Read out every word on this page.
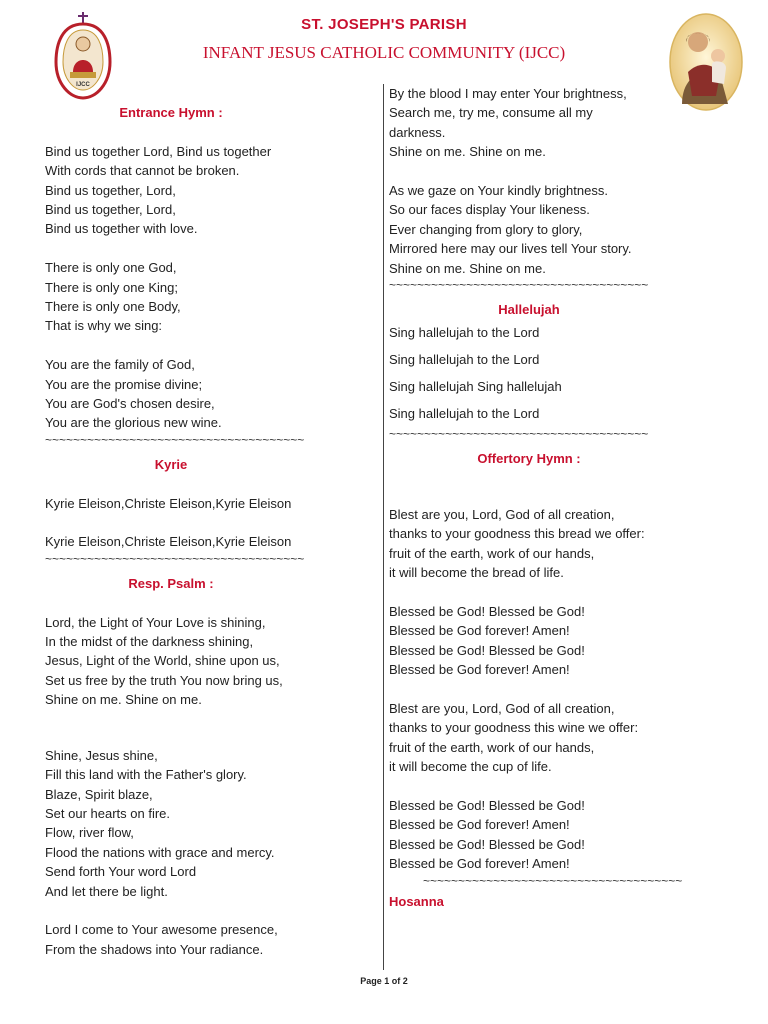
ST. JOSEPH'S PARISH
INFANT JESUS CATHOLIC COMMUNITY (IJCC)
IJCC
Entrance Hymn :
Bind us together Lord, Bind us together
With cords that cannot be broken.
Bind us together, Lord,
Bind us together, Lord,
Bind us together with love.
There is only one God,
There is only one King;
There is only one Body,
That is why we sing:
You are the family of God,
You are the promise divine;
You are God's chosen desire,
You are the glorious new wine.
~~~~~~~~~~~~~~~~~~~~~~~~~~~~~~~~~~~~~
Kyrie
Kyrie Eleison,Christe Eleison,Kyrie Eleison
Kyrie Eleison,Christe Eleison,Kyrie Eleison
~~~~~~~~~~~~~~~~~~~~~~~~~~~~~~~~~~~~~
Resp. Psalm :
Lord, the Light of Your Love is shining,
In the midst of the darkness shining,
Jesus, Light of the World, shine upon us,
Set us free by the truth You now bring us,
Shine on me. Shine on me.
Shine, Jesus shine,
Fill this land with the Father's glory.
Blaze, Spirit blaze,
Set our hearts on fire.
Flow, river flow,
Flood the nations with grace and mercy.
Send forth Your word Lord
And let there be light.
Lord I come to Your awesome presence,
From the shadows into Your radiance.
By the blood I may enter Your brightness,
Search me, try me, consume all my
darkness.
Shine on me. Shine on me.
As we gaze on Your kindly brightness.
So our faces display Your likeness.
Ever changing from glory to glory,
Mirrored here may our lives tell Your story.
Shine on me. Shine on me.
~~~~~~~~~~~~~~~~~~~~~~~~~~~~~~~~~~~~~
Hallelujah
Sing hallelujah to the Lord
Sing hallelujah to the Lord
Sing hallelujah Sing hallelujah
Sing hallelujah to the Lord
~~~~~~~~~~~~~~~~~~~~~~~~~~~~~~~~~~~~~
Offertory Hymn :
Blest are you, Lord, God of all creation,
thanks to your goodness this bread we offer:
fruit of the earth, work of our hands,
it will become the bread of life.
Blessed be God! Blessed be God!
Blessed be God forever! Amen!
Blessed be God! Blessed be God!
Blessed be God forever! Amen!
Blest are you, Lord, God of all creation,
thanks to your goodness this wine we offer:
fruit of the earth, work of our hands,
it will become the cup of life.
Blessed be God! Blessed be God!
Blessed be God forever! Amen!
Blessed be God! Blessed be God!
Blessed be God forever! Amen!
~~~~~~~~~~~~~~~~~~~~~~~~~~~~~~~~~~~~~
Hosanna
Page 1 of 2
